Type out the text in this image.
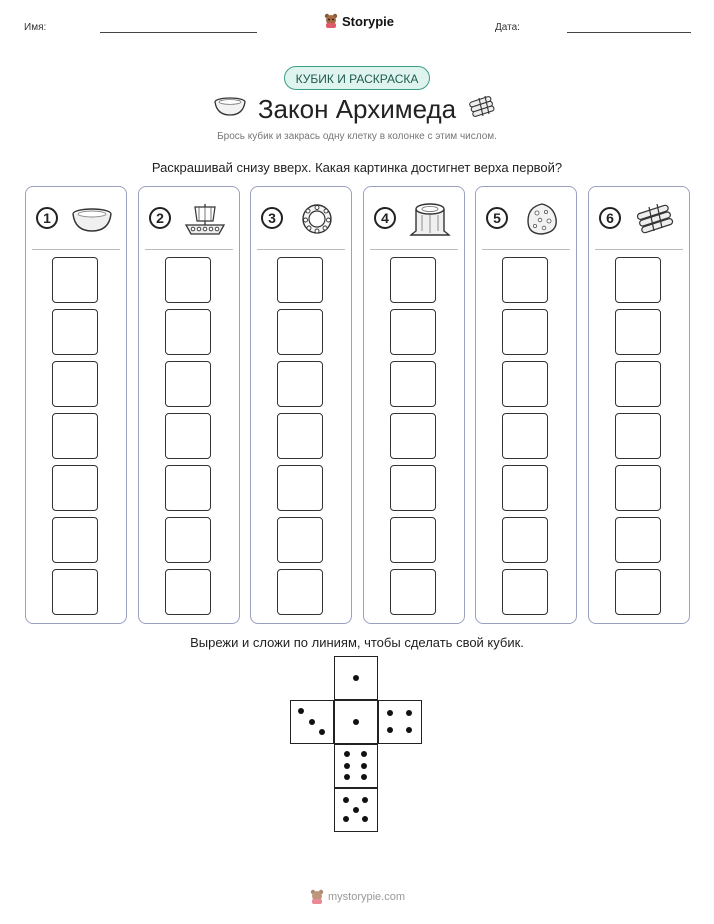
Имя:	Storypie	Дата:
КУБИК И РАСКРАСКА
Закон Архимеда
Брось кубик и закрась одну клетку в колонке с этим числом.
Раскрашивай снизу вверх. Какая картинка достигнет верха первой?
1	2	3	4	5	6
Вырежи и сложи по линиям, чтобы сделать свой кубик.
mystorypie.com
